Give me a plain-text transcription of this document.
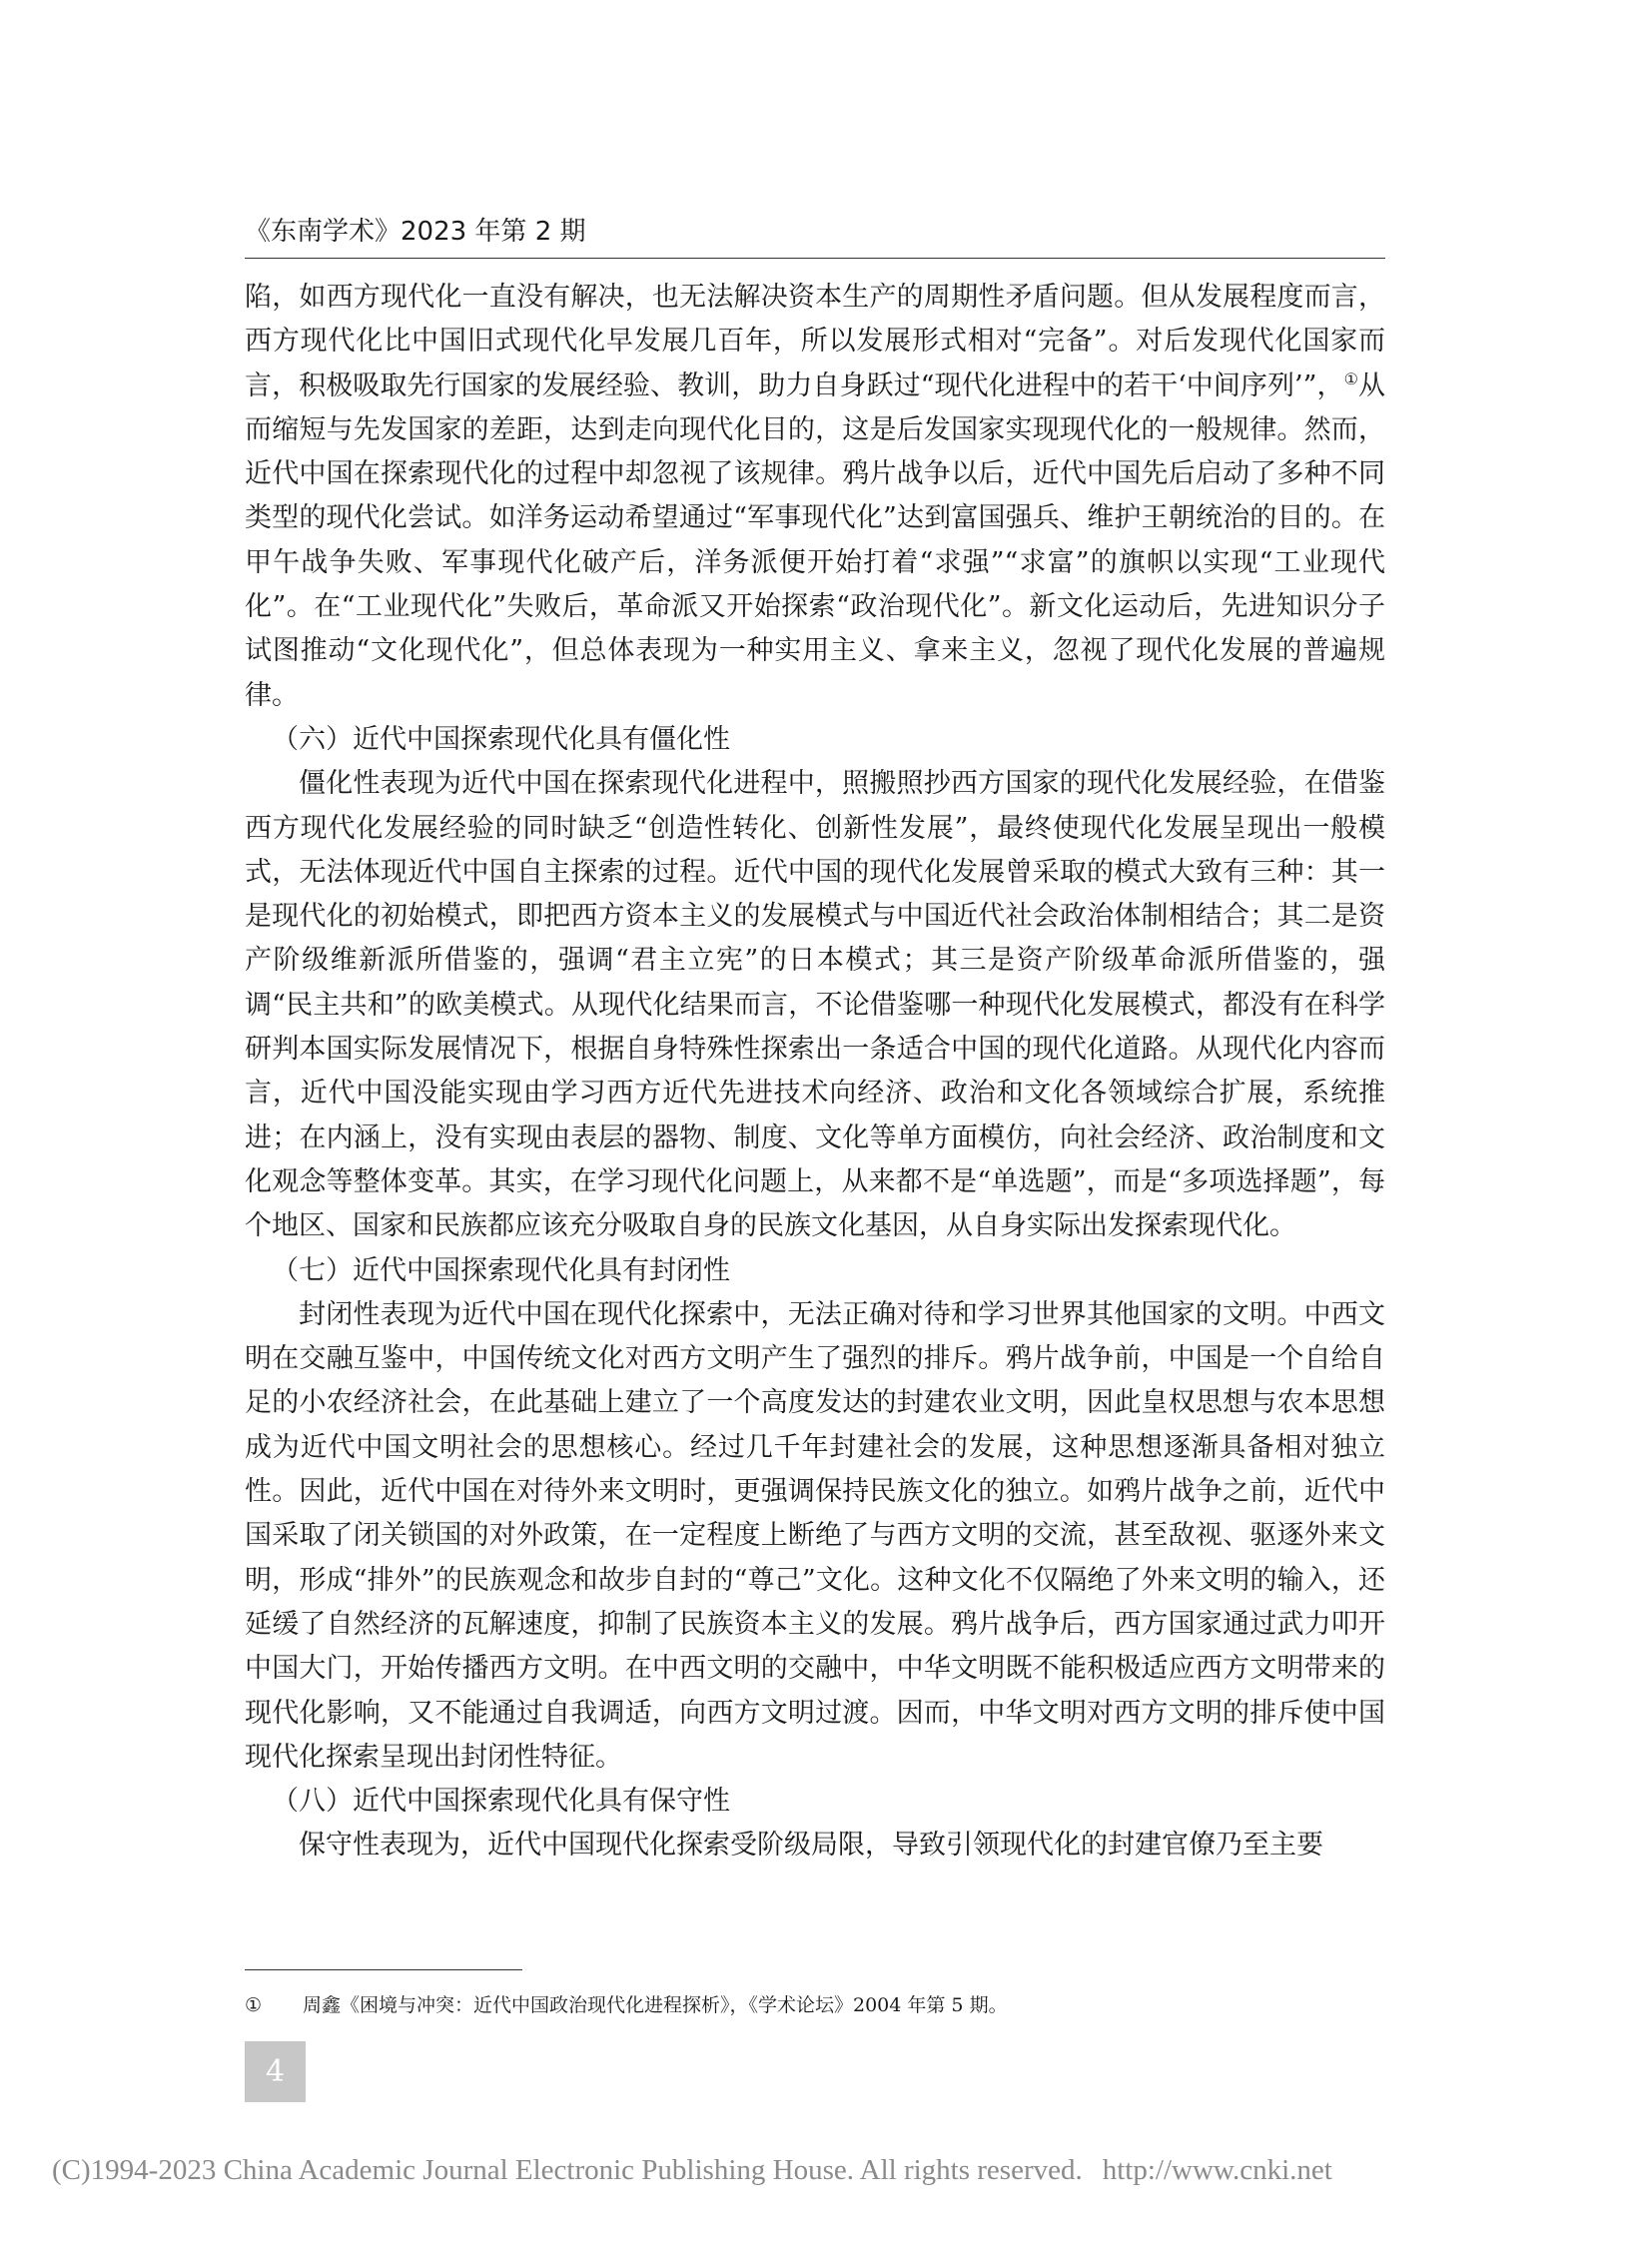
《东南学术》2023 年第 2 期

陷，如西方现代化一直没有解决，也无法解决资本生产的周期性矛盾问题。但从发展程度而言，西方现代化比中国旧式现代化早发展几百年，所以发展形式相对“完备”。对后发现代化国家而言，积极吸取先行国家的发展经验、教训，助力自身跃过“现代化进程中的若干‘中间序列’”，①从而缩短与先发国家的差距，达到走向现代化目的，这是后发国家实现现代化的一般规律。然而，近代中国在探索现代化的过程中却忽视了该规律。鸦片战争以后，近代中国先后启动了多种不同类型的现代化尝试。如洋务运动希望通过“军事现代化”达到富国强兵、维护王朝统治的目的。在甲午战争失败、军事现代化破产后，洋务派便开始打着“求强”“求富”的旗帜以实现“工业现代化”。在“工业现代化”失败后，革命派又开始探索“政治现代化”。新文化运动后，先进知识分子试图推动“文化现代化”，但总体表现为一种实用主义、拿来主义，忽视了现代化发展的普遍规律。

（六）近代中国探索现代化具有僵化性

僵化性表现为近代中国在探索现代化进程中，照搬照抄西方国家的现代化发展经验，在借鉴西方现代化发展经验的同时缺乏“创造性转化、创新性发展”，最终使现代化发展呈现出一般模式，无法体现近代中国自主探索的过程。近代中国的现代化发展曾采取的模式大致有三种：其一是现代化的初始模式，即把西方资本主义的发展模式与中国近代社会政治体制相结合；其二是资产阶级维新派所借鉴的，强调“君主立宪”的日本模式；其三是资产阶级革命派所借鉴的，强调“民主共和”的欧美模式。从现代化结果而言，不论借鉴哪一种现代化发展模式，都没有在科学研判本国实际发展情况下，根据自身特殊性探索出一条适合中国的现代化道路。从现代化内容而言，近代中国没能实现由学习西方近代先进技术向经济、政治和文化各领域综合扩展，系统推进；在内涵上，没有实现由表层的器物、制度、文化等单方面模仿，向社会经济、政治制度和文化观念等整体变革。其实，在学习现代化问题上，从来都不是“单选题”，而是“多项选择题”，每个地区、国家和民族都应该充分吸取自身的民族文化基因，从自身实际出发探索现代化。

（七）近代中国探索现代化具有封闭性

封闭性表现为近代中国在现代化探索中，无法正确对待和学习世界其他国家的文明。中西文明在交融互鉴中，中国传统文化对西方文明产生了强烈的排斥。鸦片战争前，中国是一个自给自足的小农经济社会，在此基础上建立了一个高度发达的封建农业文明，因此皇权思想与农本思想成为近代中国文明社会的思想核心。经过几千年封建社会的发展，这种思想逐渐具备相对独立性。因此，近代中国在对待外来文明时，更强调保持民族文化的独立。如鸦片战争之前，近代中国采取了闭关锁国的对外政策，在一定程度上断绝了与西方文明的交流，甚至敌视、驱逐外来文明，形成“排外”的民族观念和故步自封的“尊己”文化。这种文化不仅隔绝了外来文明的输入，还延缓了自然经济的瓦解速度，抑制了民族资本主义的发展。鸦片战争后，西方国家通过武力叩开中国大门，开始传播西方文明。在中西文明的交融中，中华文明既不能积极适应西方文明带来的现代化影响，又不能通过自我调适，向西方文明过渡。因而，中华文明对西方文明的排斥使中国现代化探索呈现出封闭性特征。

（八）近代中国探索现代化具有保守性

保守性表现为，近代中国现代化探索受阶级局限，导致引领现代化的封建官僚乃至主要

① 周鑫《困境与冲突：近代中国政治现代化进程探析》，《学术论坛》2004 年第 5 期。
4
(C)1994-2023 China Academic Journal Electronic Publishing House. All rights reserved. http://www.cnki.net
